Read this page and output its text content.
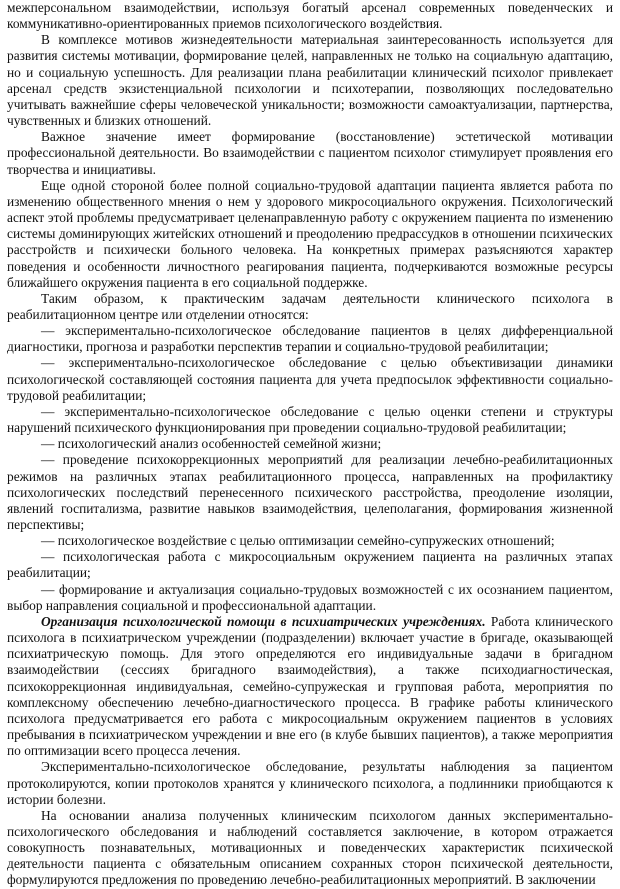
межперсональном взаимодействии, используя богатый арсенал современных поведенческих и коммуникативно-ориентированных приемов психологического воздействия.

В комплексе мотивов жизнедеятельности материальная заинтересованность используется для развития системы мотивации, формирование целей, направленных не только на социальную адаптацию, но и социальную успешность. Для реализации плана реабилитации клинический психолог привлекает арсенал средств экзистенциальной психологии и психотерапии, позволяющих последовательно учитывать важнейшие сферы человеческой уникальности; возможности самоактуализации, партнерства, чувственных и близких отношений.

Важное значение имеет формирование (восстановление) эстетической мотивации профессиональной деятельности. Во взаимодействии с пациентом психолог стимулирует проявления его творчества и инициативы.

Еще одной стороной более полной социально-трудовой адаптации пациента является работа по изменению общественного мнения о нем у здорового микросоциального окружения. Психологический аспект этой проблемы предусматривает целенаправленную работу с окружением пациента по изменению системы доминирующих житейских отношений и преодолению предрассудков в отношении психических расстройств и психически больного человека. На конкретных примерах разъясняются характер поведения и особенности личностного реагирования пациента, подчеркиваются возможные ресурсы ближайшего окружения пациента в его социальной поддержке.

Таким образом, к практическим задачам деятельности клинического психолога в реабилитационном центре или отделении относятся:

— экспериментально-психологическое обследование пациентов в целях дифференциальной диагностики, прогноза и разработки перспектив терапии и социально-трудовой реабилитации;

— экспериментально-психологическое обследование с целью объективизации динамики психологической составляющей состояния пациента для учета предпосылок эффективности социально-трудовой реабилитации;

— экспериментально-психологическое обследование с целью оценки степени и структуры нарушений психического функционирования при проведении социально-трудовой реабилитации;

— психологический анализ особенностей семейной жизни;

— проведение психокоррекционных мероприятий для реализации лечебно-реабилитационных режимов на различных этапах реабилитационного процесса, направленных на профилактику психологических последствий перенесенного психического расстройства, преодоление изоляции, явлений госпитализма, развитие навыков взаимодействия, целеполагания, формирования жизненной перспективы;

— психологическое воздействие с целью оптимизации семейно-супружеских отношений;

— психологическая работа с микросоциальным окружением пациента на различных этапах реабилитации;

— формирование и актуализация социально-трудовых возможностей с их осознанием пациентом, выбор направления социальной и профессиональной адаптации.

Организация психологической помощи в психиатрических учреждениях. Работа клинического психолога в психиатрическом учреждении (подразделении) включает участие в бригаде, оказывающей психиатрическую помощь. Для этого определяются его индивидуальные задачи в бригадном взаимодействии (сессиях бригадного взаимодействия), а также психодиагностическая, психокоррекционная индивидуальная, семейно-супружеская и групповая работа, мероприятия по комплексному обеспечению лечебно-диагностического процесса. В графике работы клинического психолога предусматривается его работа с микросоциальным окружением пациентов в условиях пребывания в психиатрическом учреждении и вне его (в клубе бывших пациентов), а также мероприятия по оптимизации всего процесса лечения.

Экспериментально-психологическое обследование, результаты наблюдения за пациентом протоколируются, копии протоколов хранятся у клинического психолога, а подлинники приобщаются к истории болезни.

На основании анализа полученных клиническим психологом данных экспериментально-психологического обследования и наблюдений составляется заключение, в котором отражается совокупность познавательных, мотивационных и поведенческих характеристик психической деятельности пациента с обязательным описанием сохранных сторон психической деятельности, формулируются предложения по проведению лечебно-реабилитационных мероприятий. В заключении
